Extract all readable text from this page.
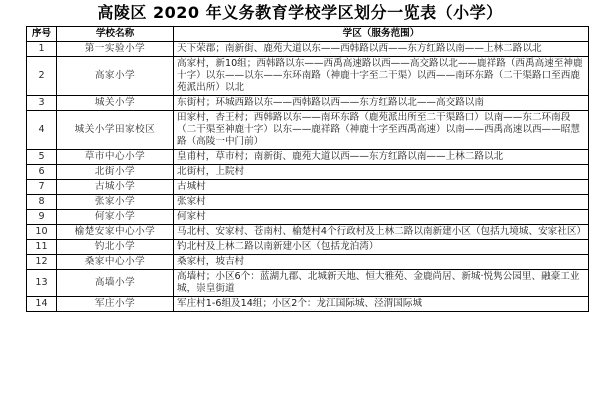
高陵区 2020 年义务教育学校学区划分一览表（小学）
序号	学校名称	学区（服务范围）
1	第一实验小学	天下荣郡；南新街、鹿苑大道以东——西韩路以西——东方红路以南——上林二路以北
2	高家小学	高家村，新10组；西韩路以东——西禹高速路以西——高交路以北——鹿祥路（西禹高速至神鹿十字）以东——以东——东环南路（神鹿十字至二干渠）以西——南环东路（二干渠路口至西鹿苑派出所）以北
3	城关小学	东街村；环城西路以东——西韩路以西——东方红路以北——高交路以南
4	城关小学田家校区	田家村，杏王村；西韩路以东——南环东路（鹿苑派出所至二干渠路口）以南——东二环南段（二干渠至神鹿十字）以东——鹿祥路（神鹿十字至西禹高速）以南——西禹高速以西——昭慧路（高陵一中门前）
5	草市中心小学	皇甫村，草市村；南新街、鹿苑大道以西——东方红路以南——上林二路以北
6	北街小学	北街村，上院村
7	古城小学	古城村
8	张家小学	张家村
9	何家小学	何家村
10	榆楚安家中心小学	马北村、安家村、苍南村、榆楚村4个行政村及上林二路以南新建小区（包括九境城、安家社区）
11	钓北小学	钓北村及上林二路以南新建小区（包括龙泊湾）
12	桑家中心小学	桑家村，坡吉村
13	高墙小学	高墙村；小区6个：蓝湖九郡、北城新天地、恒大雅苑、金鹿尚居、新城·悦隽公园里、融豪工业城，崇皇街道
14	军庄小学	军庄村1-6组及14组；小区2个：龙江国际城、泾渭国际城
